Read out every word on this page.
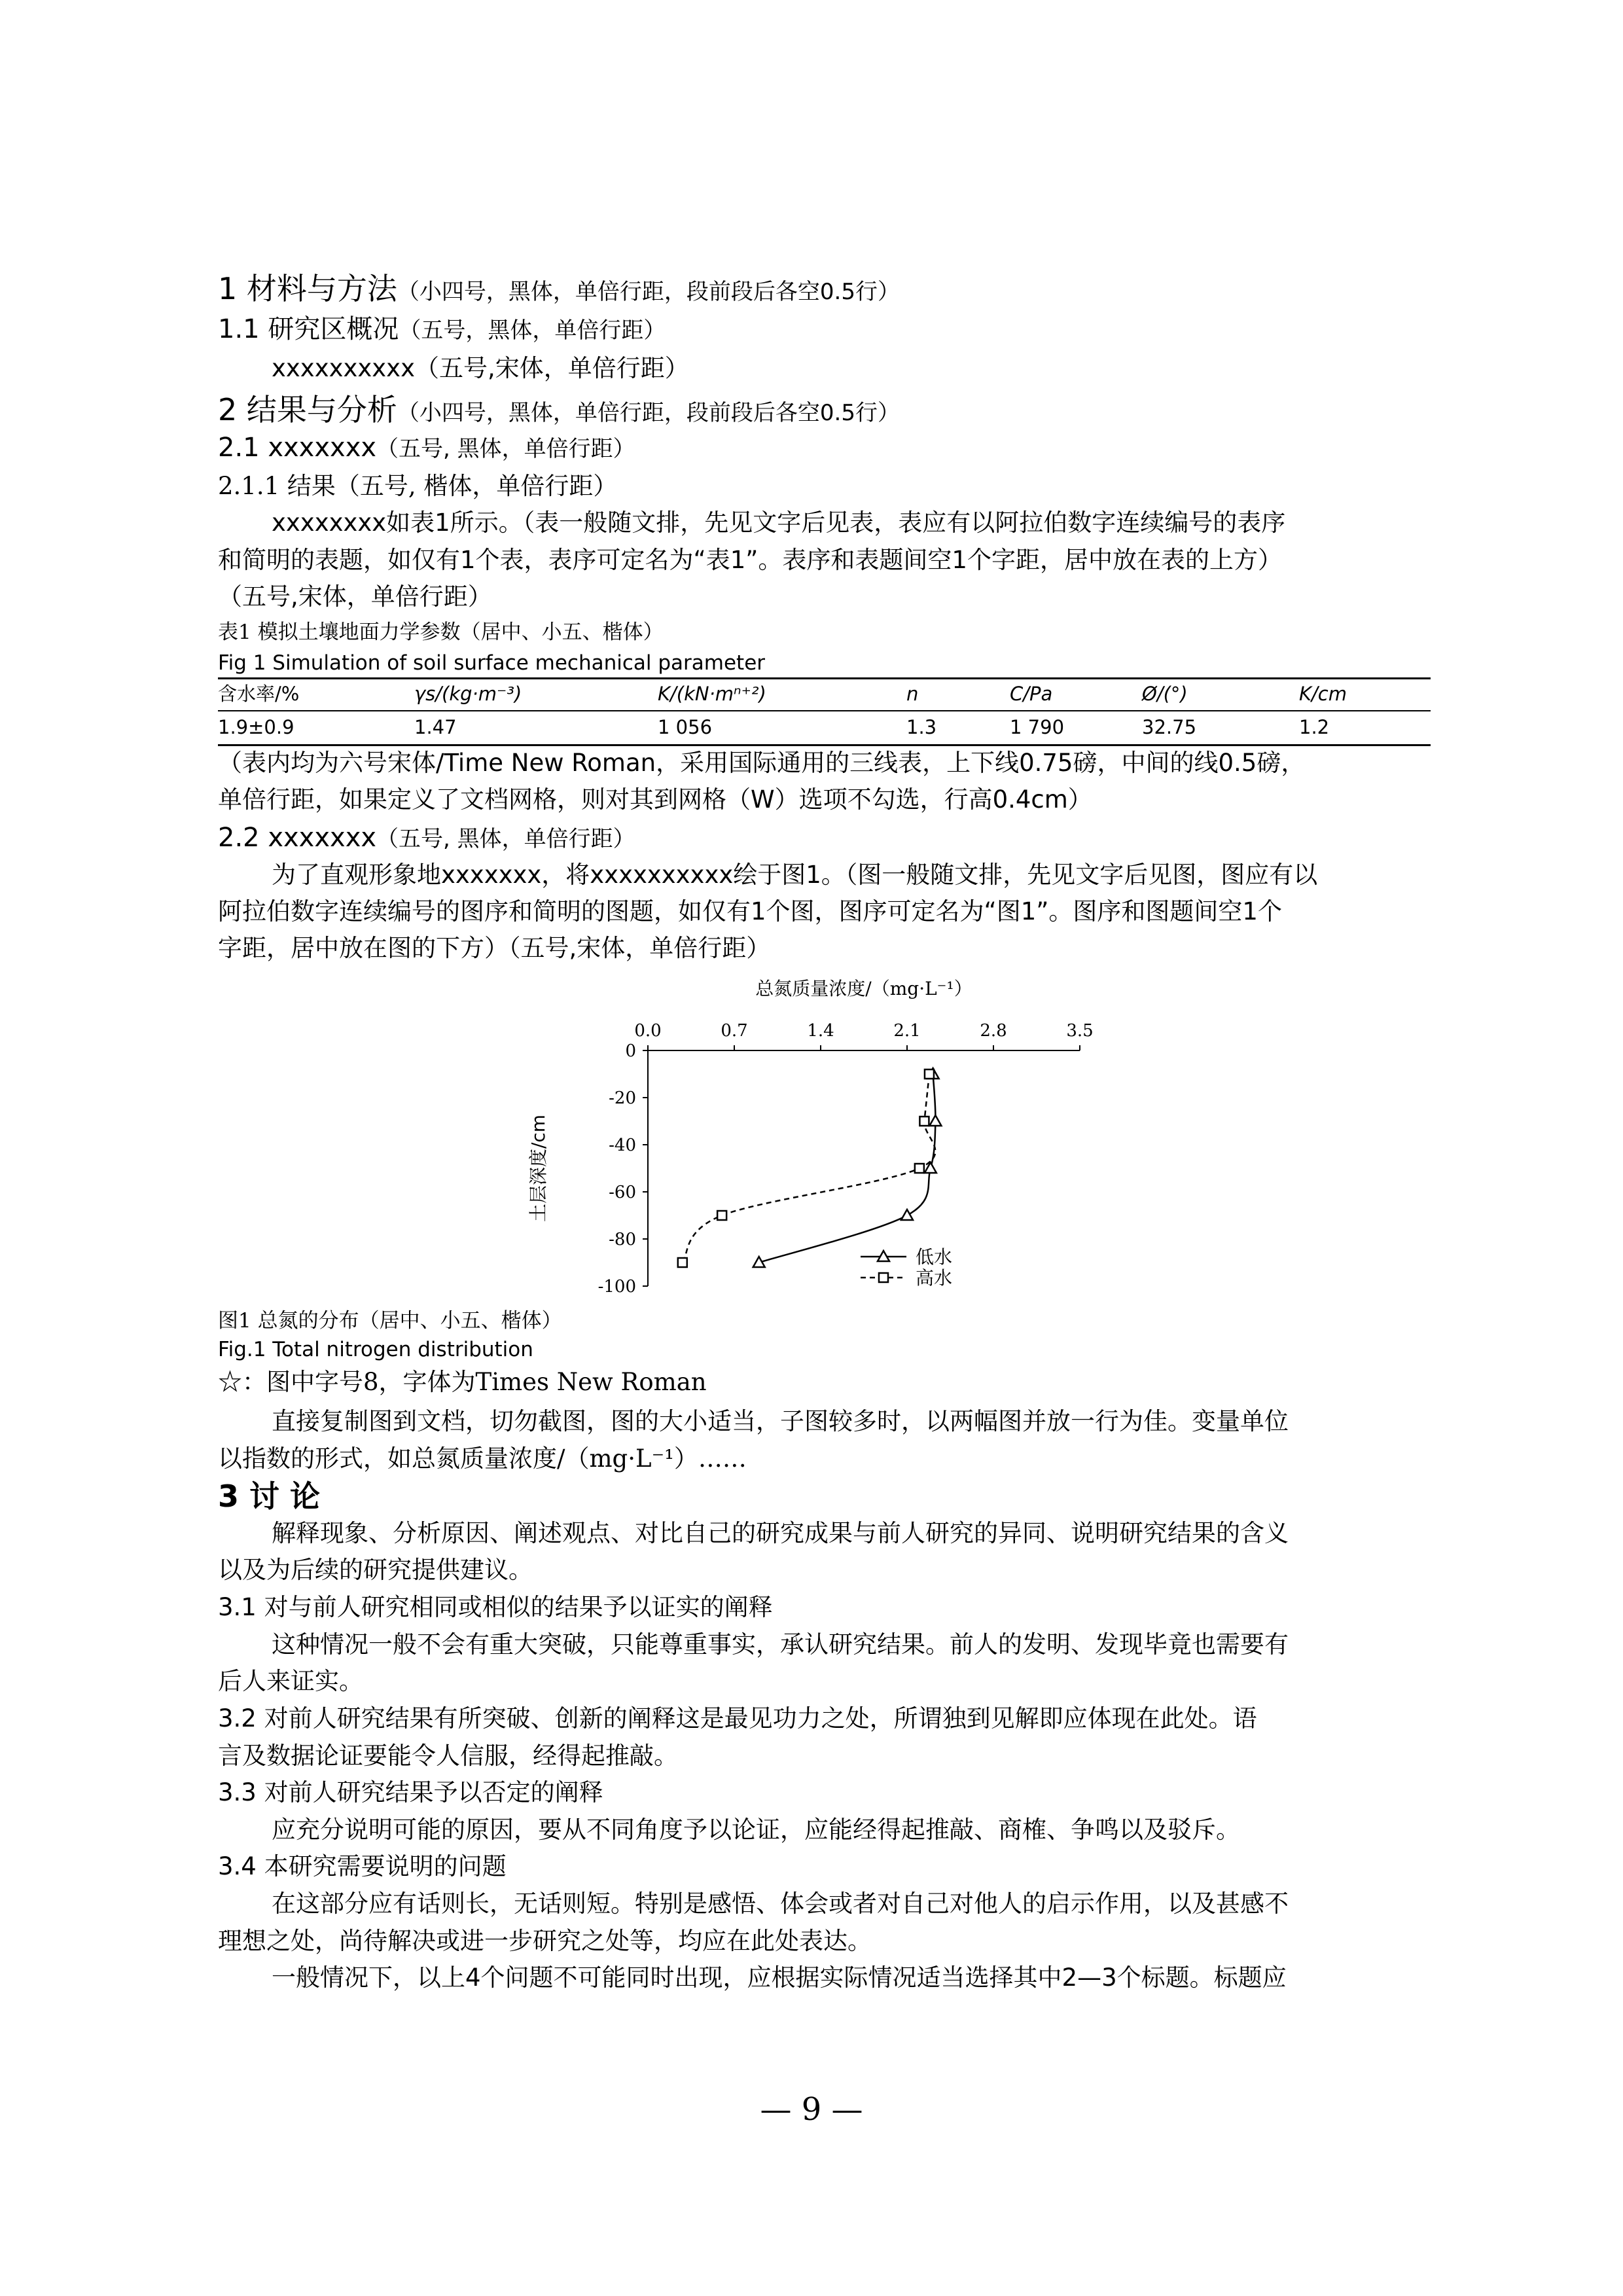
1 材料与方法（小四号，黑体，单倍行距，段前段后各空0.5行）
1.1 研究区概况（五号，黑体，单倍行距）
xxxxxxxxxx（五号,宋体，单倍行距）
2 结果与分析（小四号，黑体，单倍行距，段前段后各空0.5行）
2.1 xxxxxxx（五号, 黑体，单倍行距）
2.1.1 结果（五号, 楷体，单倍行距）
xxxxxxxx如表1所示。（表一般随文排，先见文字后见表，表应有以阿拉伯数字连续编号的表序
和简明的表题，如仅有1个表，表序可定名为“表1”。表序和表题间空1个字距，居中放在表的上方）
（五号,宋体，单倍行距）
表1 模拟土壤地面力学参数（居中、小五、楷体）
Fig 1 Simulation of soil surface mechanical parameter
含水率/%	γs/(kg·m⁻³)	K/(kN·mⁿ⁺²)	n	C/Pa	Ø/(°)	K/cm
1.9±0.9	1.47	1 056	1.3	1 790	32.75	1.2
（表内均为六号宋体/Time New Roman，采用国际通用的三线表，上下线0.75磅，中间的线0.5磅，
单倍行距，如果定义了文档网格，则对其到网格（W）选项不勾选，行高0.4cm）
2.2 xxxxxxx（五号, 黑体，单倍行距）
为了直观形象地xxxxxxx，将xxxxxxxxxx绘于图1。（图一般随文排，先见文字后见图，图应有以
阿拉伯数字连续编号的图序和简明的图题，如仅有1个图，图序可定名为“图1”。图序和图题间空1个
字距，居中放在图的下方）（五号,宋体，单倍行距）
总氮质量浓度/（mg·L⁻¹）
0.0	0.7	1.4	2.1	2.8	3.5
0
-20
-40
-60
-80
-100
土层深度/cm
低水
高水
图1 总氮的分布（居中、小五、楷体）
Fig.1 Total nitrogen distribution
☆：图中字号8，字体为Times New Roman
直接复制图到文档，切勿截图，图的大小适当，子图较多时，以两幅图并放一行为佳。变量单位
以指数的形式，如总氮质量浓度/（mg·L⁻¹）……
3 讨 论
解释现象、分析原因、阐述观点、对比自己的研究成果与前人研究的异同、说明研究结果的含义
以及为后续的研究提供建议。
3.1 对与前人研究相同或相似的结果予以证实的阐释
这种情况一般不会有重大突破，只能尊重事实，承认研究结果。前人的发明、发现毕竟也需要有
后人来证实。
3.2 对前人研究结果有所突破、创新的阐释这是最见功力之处，所谓独到见解即应体现在此处。语
言及数据论证要能令人信服，经得起推敲。
3.3 对前人研究结果予以否定的阐释
应充分说明可能的原因，要从不同角度予以论证，应能经得起推敲、商榷、争鸣以及驳斥。
3.4 本研究需要说明的问题
在这部分应有话则长，无话则短。特别是感悟、体会或者对自己对他人的启示作用，以及甚感不
理想之处，尚待解决或进一步研究之处等，均应在此处表达。
一般情况下，以上4个问题不可能同时出现，应根据实际情况适当选择其中2—3个标题。标题应
— 9 —
